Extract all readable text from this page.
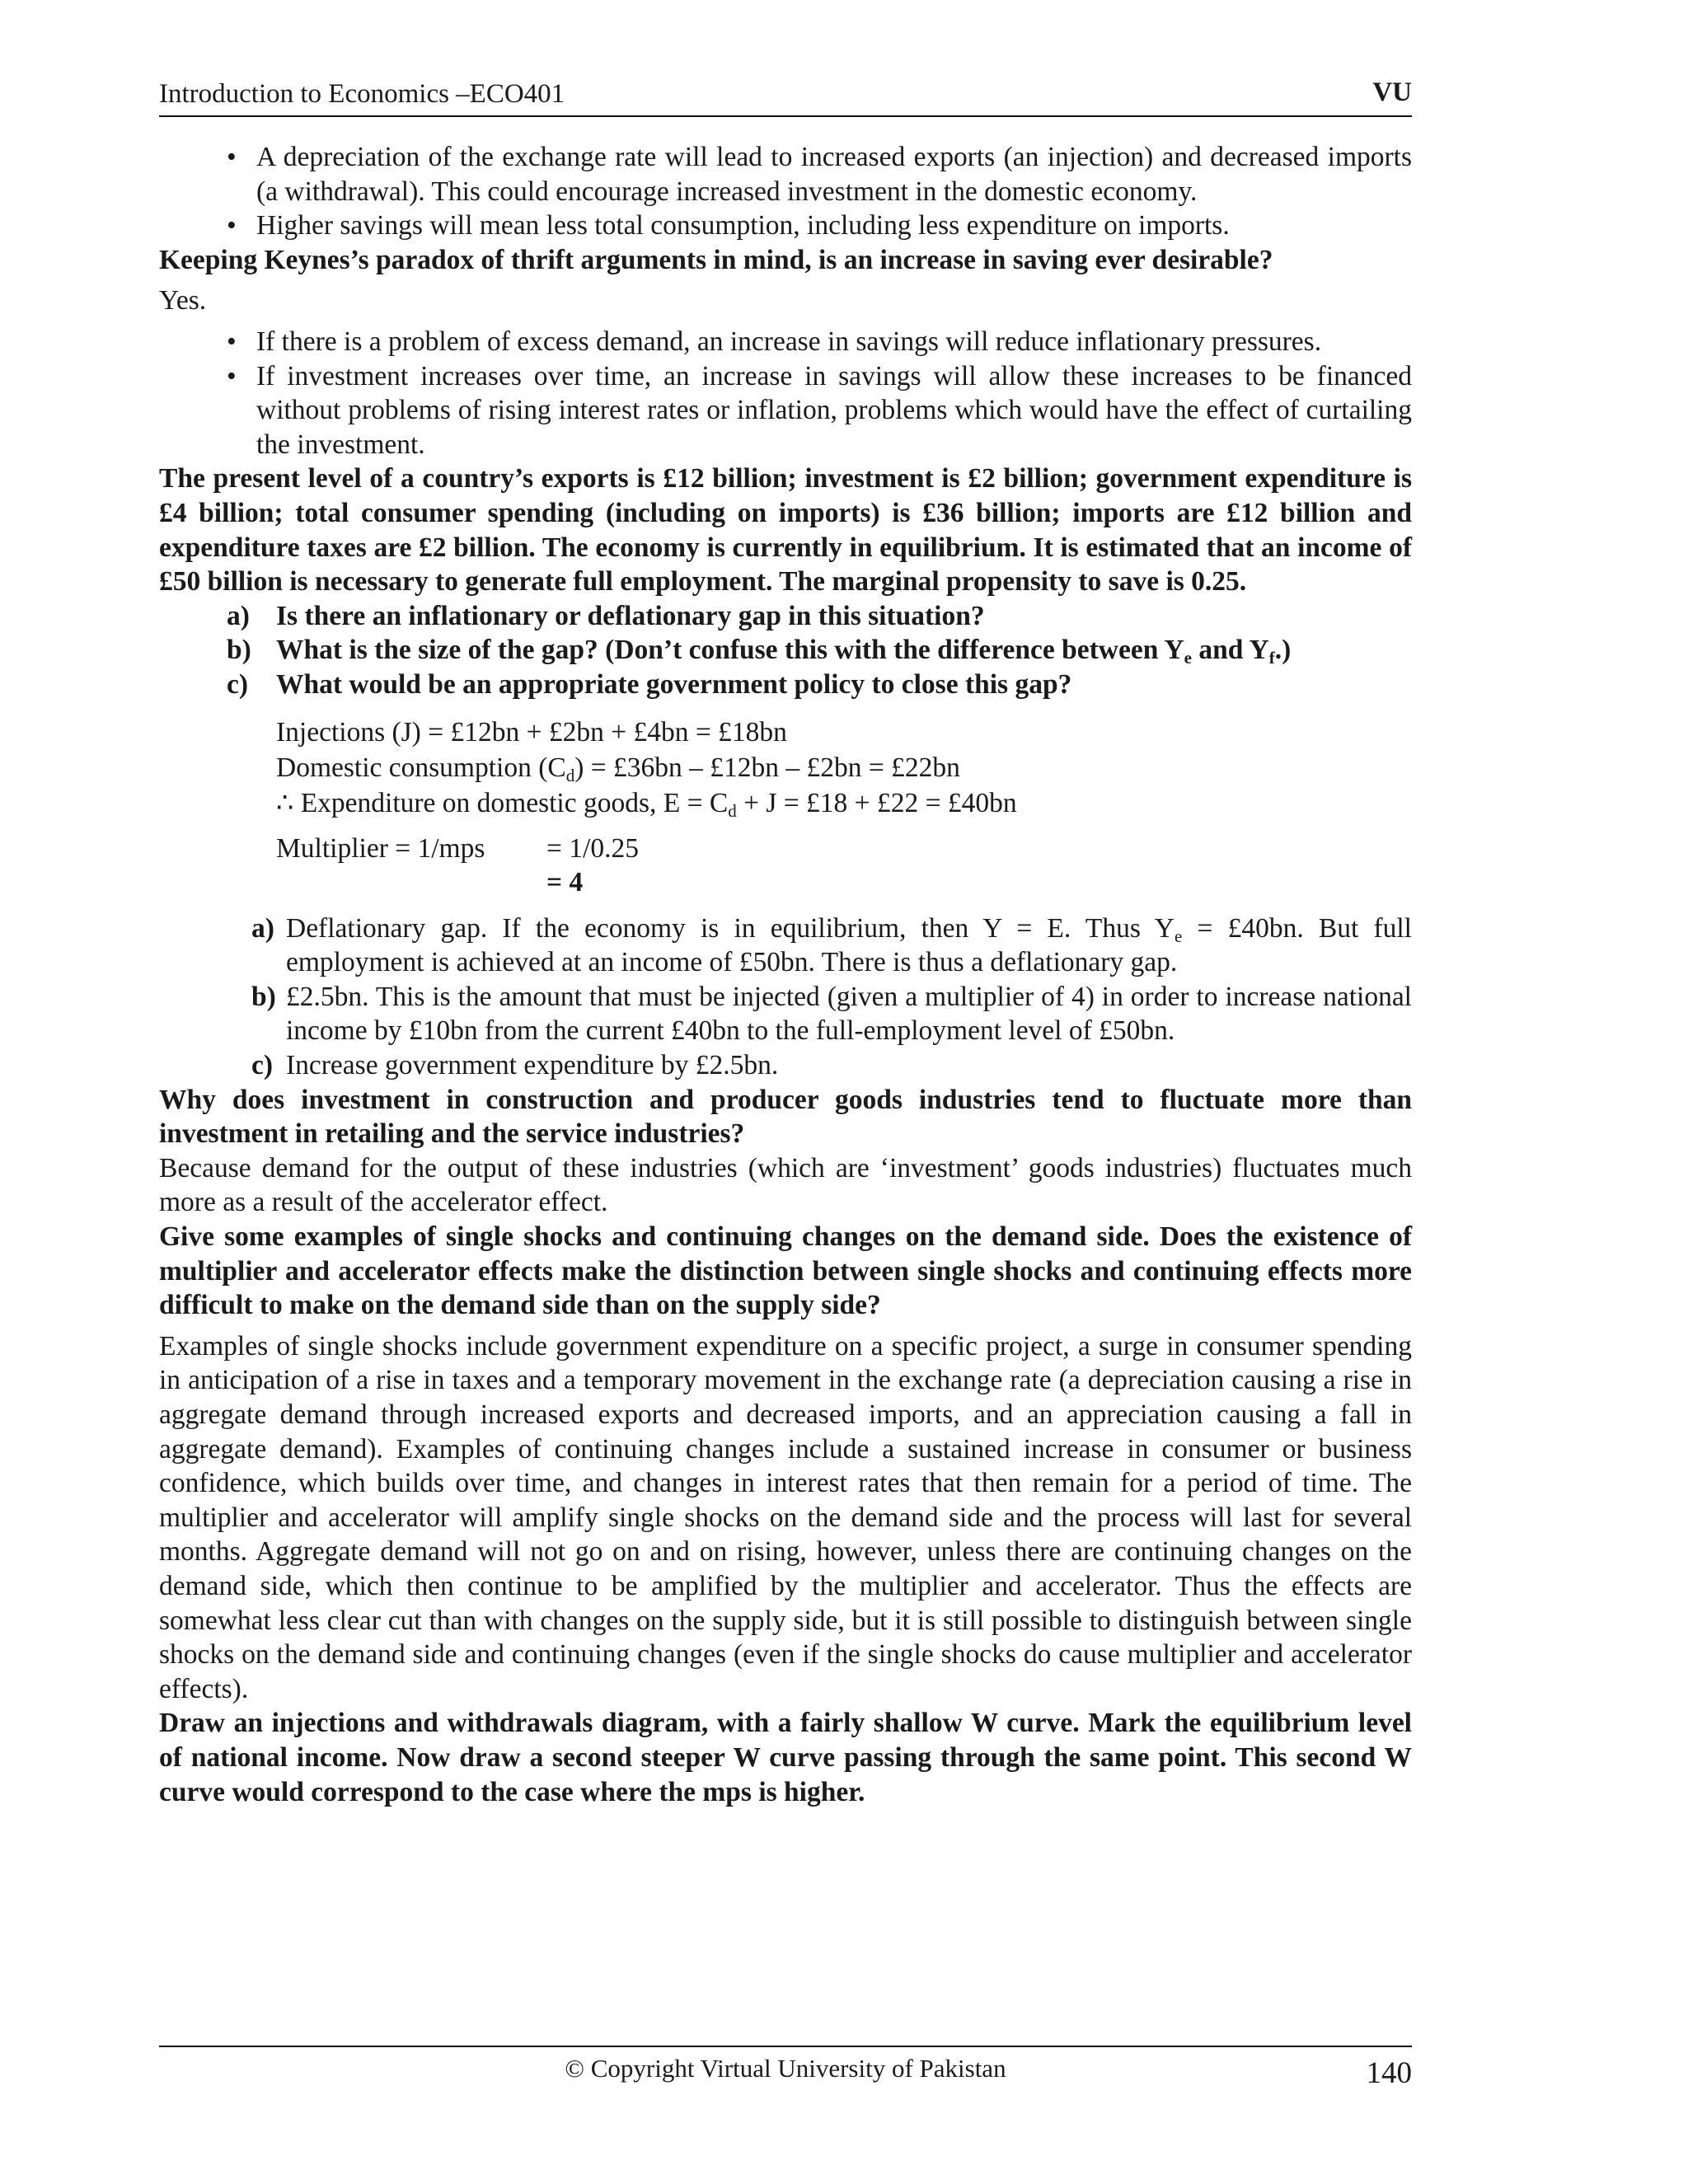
Introduction to Economics –ECO401	VU
• A depreciation of the exchange rate will lead to increased exports (an injection) and decreased imports (a withdrawal). This could encourage increased investment in the domestic economy.
• Higher savings will mean less total consumption, including less expenditure on imports.

Keeping Keynes’s paradox of thrift arguments in mind, is an increase in saving ever desirable?

Yes.

• If there is a problem of excess demand, an increase in savings will reduce inflationary pressures.
• If investment increases over time, an increase in savings will allow these increases to be financed without problems of rising interest rates or inflation, problems which would have the effect of curtailing the investment.

The present level of a country’s exports is £12 billion; investment is £2 billion; government expenditure is £4 billion; total consumer spending (including on imports) is £36 billion; imports are £12 billion and expenditure taxes are £2 billion. The economy is currently in equilibrium. It is estimated that an income of £50 billion is necessary to generate full employment. The marginal propensity to save is 0.25.

a) Is there an inflationary or deflationary gap in this situation?
b) What is the size of the gap? (Don’t confuse this with the difference between $Y_e$ and $Y_f$.)
c) What would be an appropriate government policy to close this gap?
Injections (J) = £12bn + £2bn + £4bn = £18bn
Domestic consumption $(C_d)$ = £36bn – £12bn – £2bn = £22bn
∴ Expenditure on domestic goods, $E = C_d + J$ = £18 + £22 = £40bn
Multiplier = 1/mps = 1/0.25
= 4
a) Deflationary gap. If the economy is in equilibrium, then Y = E. Thus $Y_e$ = £40bn. But full employment is achieved at an income of £50bn. There is thus a deflationary gap.
b) £2.5bn. This is the amount that must be injected (given a multiplier of 4) in order to increase national income by £10bn from the current £40bn to the full-employment level of £50bn.
c) Increase government expenditure by £2.5bn.

Why does investment in construction and producer goods industries tend to fluctuate more than investment in retailing and the service industries?

Because demand for the output of these industries (which are ‘investment’ goods industries) fluctuates much more as a result of the accelerator effect.

Give some examples of single shocks and continuing changes on the demand side. Does the existence of multiplier and accelerator effects make the distinction between single shocks and continuing effects more difficult to make on the demand side than on the supply side?

Examples of single shocks include government expenditure on a specific project, a surge in consumer spending in anticipation of a rise in taxes and a temporary movement in the exchange rate (a depreciation causing a rise in aggregate demand through increased exports and decreased imports, and an appreciation causing a fall in aggregate demand). Examples of continuing changes include a sustained increase in consumer or business confidence, which builds over time, and changes in interest rates that then remain for a period of time. The multiplier and accelerator will amplify single shocks on the demand side and the process will last for several months. Aggregate demand will not go on and on rising, however, unless there are continuing changes on the demand side, which then continue to be amplified by the multiplier and accelerator. Thus the effects are somewhat less clear cut than with changes on the supply side, but it is still possible to distinguish between single shocks on the demand side and continuing changes (even if the single shocks do cause multiplier and accelerator effects).

Draw an injections and withdrawals diagram, with a fairly shallow W curve. Mark the equilibrium level of national income. Now draw a second steeper W curve passing through the same point. This second W curve would correspond to the case where the mps is higher.

© Copyright Virtual University of Pakistan	140
